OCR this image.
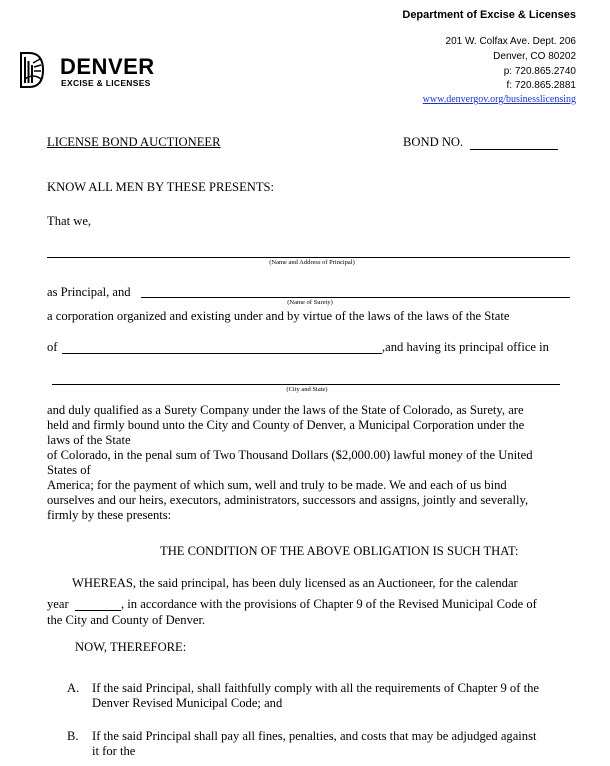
Department of Excise & Licenses
201 W. Colfax Ave. Dept. 206
Denver, CO 80202
p: 720.865.2740
f: 720.865.2881
www.denvergov.org/businesslicensing
DENVER
EXCISE & LICENSES
LICENSE BOND AUCTIONEER	BOND NO.
KNOW ALL MEN BY THESE PRESENTS:
That we,
(Name and Address of Principal)
as Principal, and
(Name of Surety)
a corporation organized and existing under and by virtue of the laws of the laws of the State
of	,and having its principal office in
(City and State)
and duly qualified as a Surety Company under the laws of the State of Colorado, as Surety, are
held and firmly bound unto the City and County of Denver, a Municipal Corporation under the
laws of the State
of Colorado, in the penal sum of Two Thousand Dollars ($2,000.00) lawful money of the United
States of
America; for the payment of which sum, well and truly to be made. We and each of us bind
ourselves and our heirs, executors, administrators, successors and assigns, jointly and severally,
firmly by these presents:
THE CONDITION OF THE ABOVE OBLIGATION IS SUCH THAT:
WHEREAS, the said principal, has been duly licensed as an Auctioneer, for the calendar
year	, in accordance with the provisions of Chapter 9 of the Revised Municipal Code of
the City and County of Denver.
NOW, THEREFORE:
A. If the said Principal, shall faithfully comply with all the requirements of Chapter 9 of the
Denver Revised Municipal Code; and
B. If the said Principal shall pay all fines, penalties, and costs that may be adjudged against
it for the
